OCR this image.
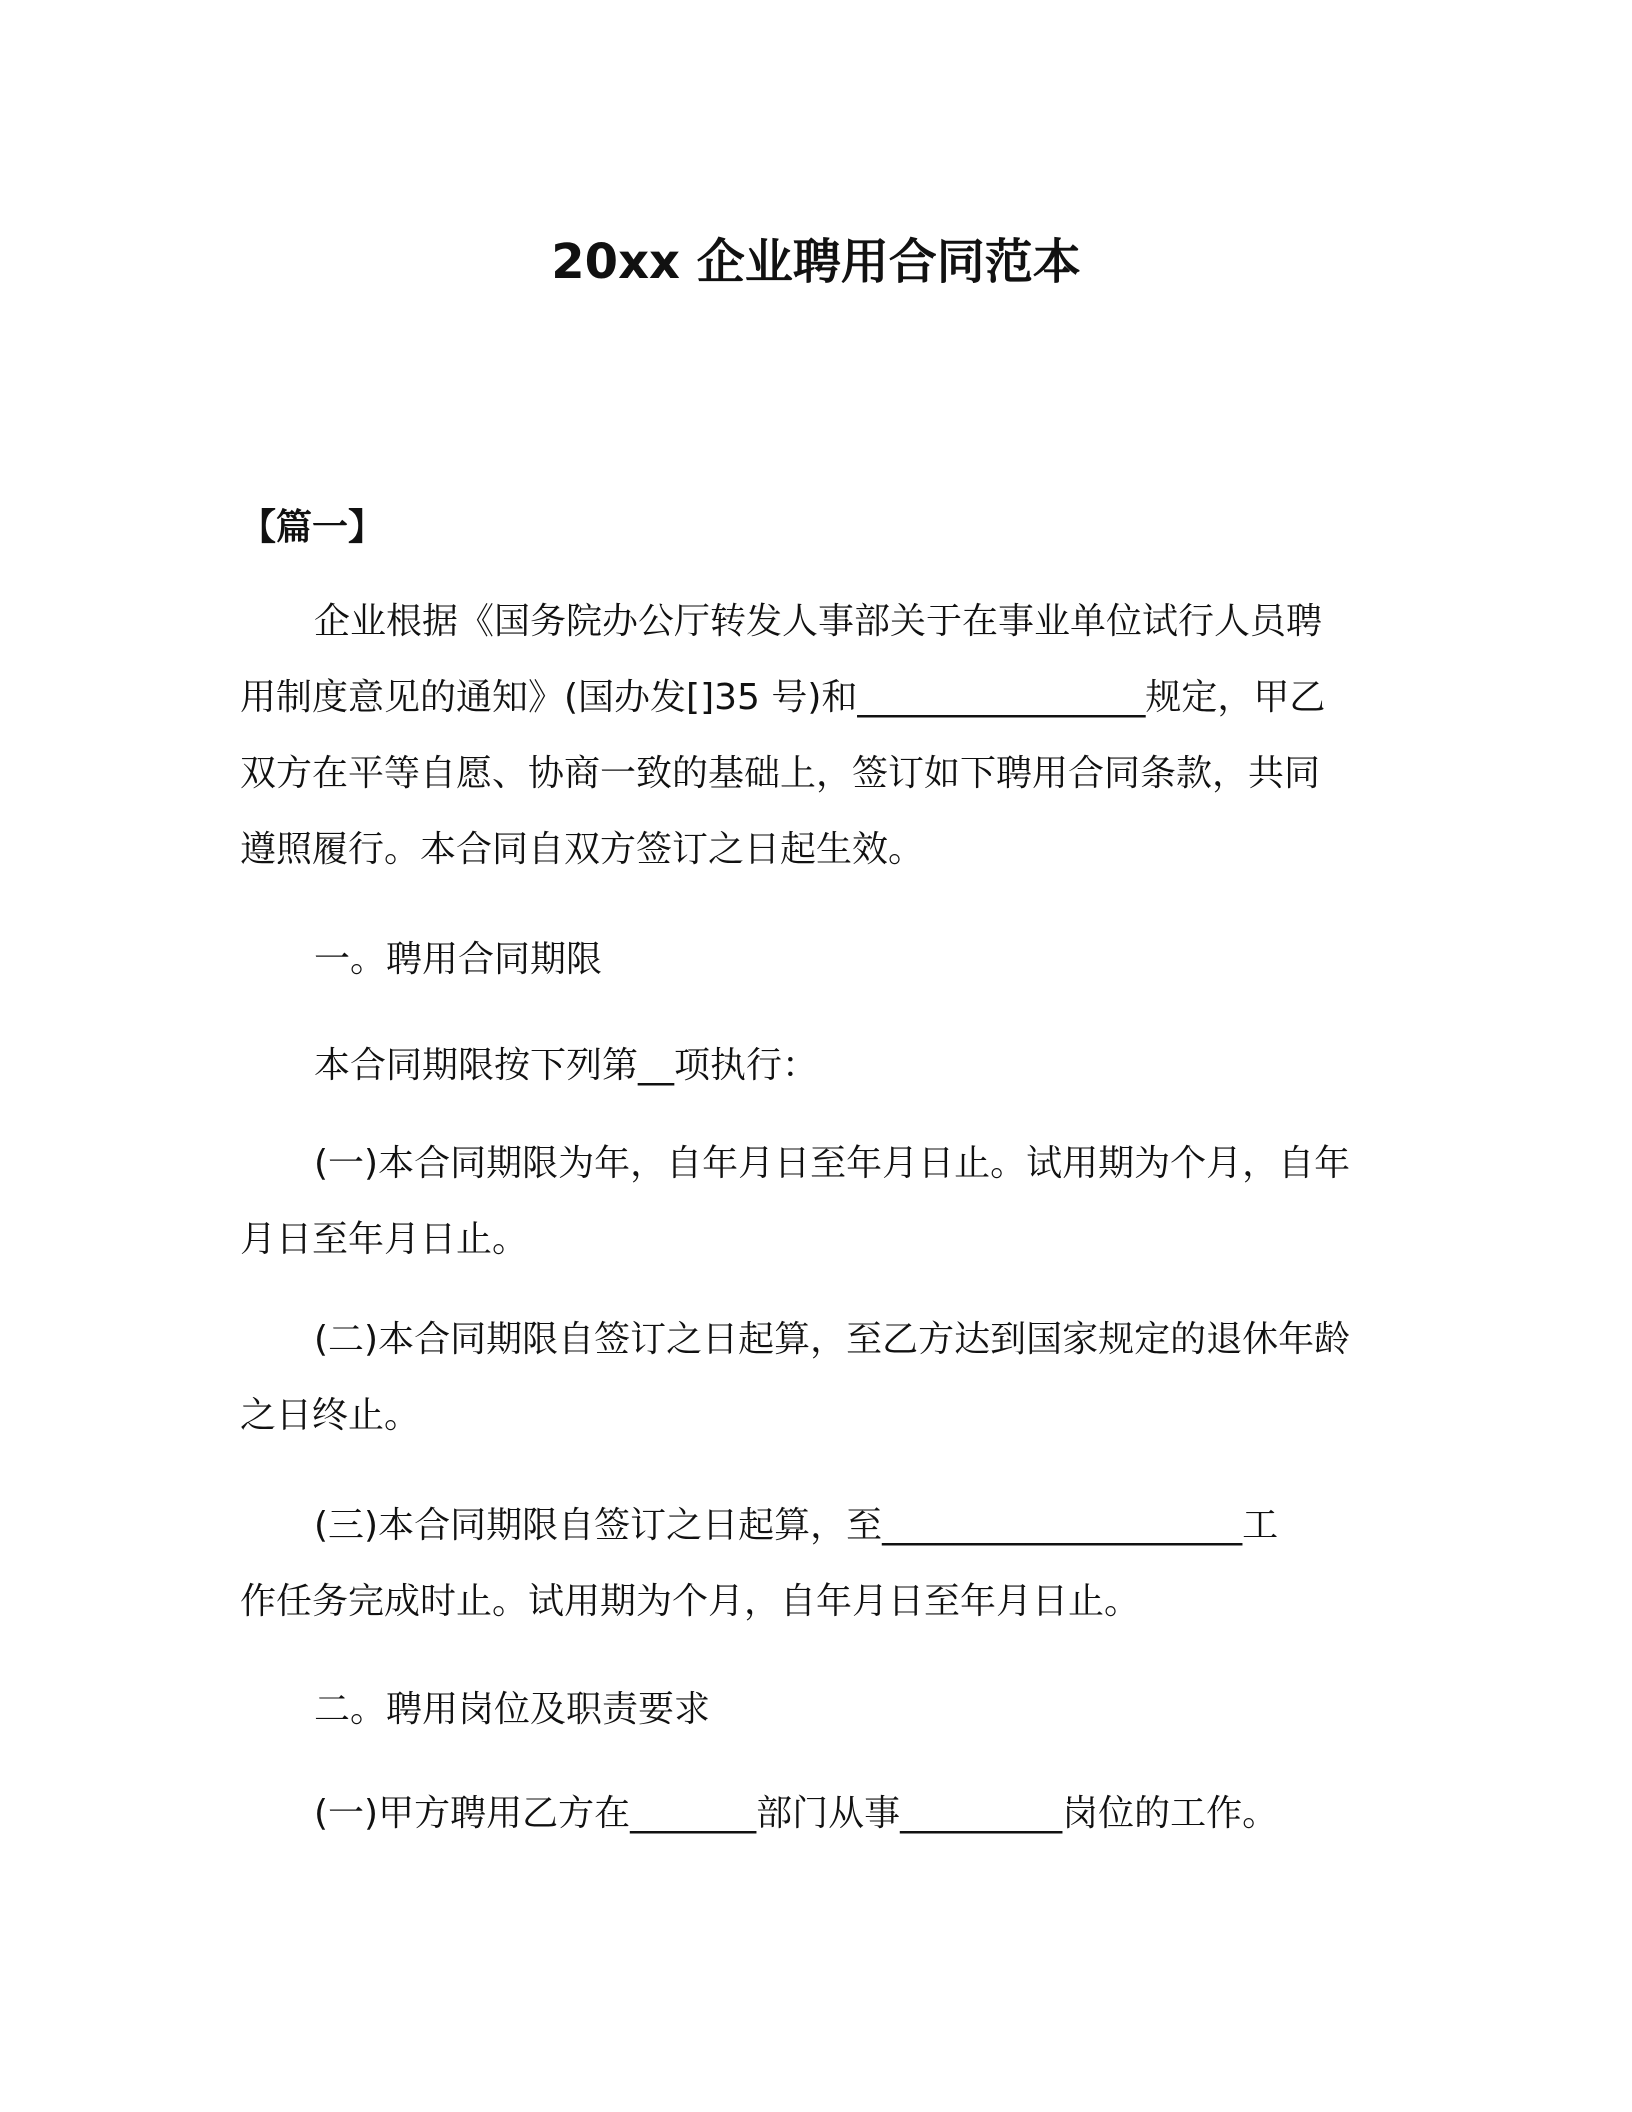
20xx 企业聘用合同范本
【篇一】
企业根据《国务院办公厅转发人事部关于在事业单位试行人员聘
用制度意见的通知》(国办发[]35 号)和________________规定，甲乙
双方在平等自愿、协商一致的基础上，签订如下聘用合同条款，共同
遵照履行。本合同自双方签订之日起生效。
一。聘用合同期限
本合同期限按下列第__项执行：
(一)本合同期限为年，自年月日至年月日止。试用期为个月，自年
月日至年月日止。
(二)本合同期限自签订之日起算，至乙方达到国家规定的退休年龄
之日终止。
(三)本合同期限自签订之日起算，至____________________工
作任务完成时止。试用期为个月，自年月日至年月日止。
二。聘用岗位及职责要求
(一)甲方聘用乙方在_______部门从事_________岗位的工作。
